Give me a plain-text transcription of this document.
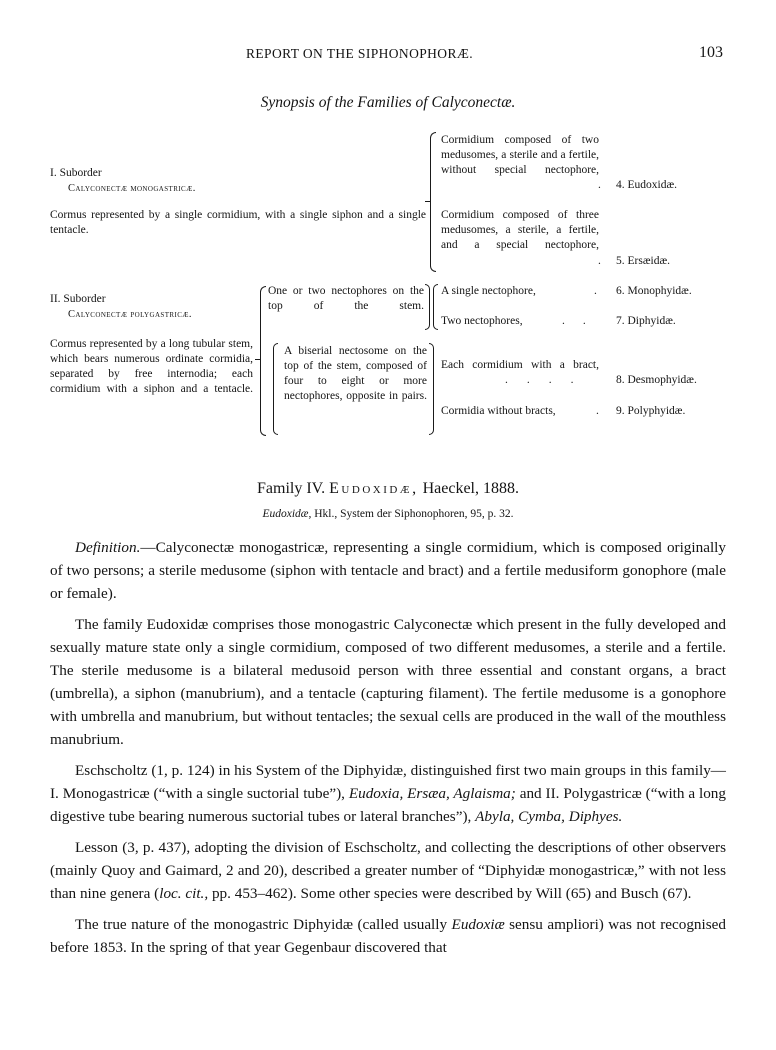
REPORT ON THE SIPHONOPHORÆ.	103
Synopsis of the Families of Calyconectæ.
I. Suborder
Calyconectæ monogastricæ.
Cormus represented by a single cormidium, with a single siphon and a single tentacle.
Cormidium composed of two medusomes, a sterile and a fertile, without special nectophore,
. 4. Eudoxidæ.
Cormidium composed of three medusomes, a sterile, a fertile, and a special nectophore,
. 5. Ersæidæ.
II. Suborder
Calyconectæ polygastricæ.
Cormus represented by a long tubular stem, which bears numerous ordinate cormidia, separated by free internodia; each cormidium with a siphon and a tentacle.
One or two nectophores on the top of the stem.
A single nectophore,	. 6. Monophyidæ.
Two nectophores,	.. 7. Diphyidæ.
A biserial nectosome on the top of the stem, composed of four to eight or more nectophores, opposite in pairs.
Each cormidium with a bract,
.... 8. Desmophyidæ.
Cormidia without bracts,	. 9. Polyphyidæ.
Family IV. Eudoxidæ, Haeckel, 1888.
Eudoxidæ, Hkl., System der Siphonophoren, 95, p. 32.

Definition.—Calyconectæ monogastricæ, representing a single cormidium, which is composed originally of two persons; a sterile medusome (siphon with tentacle and bract) and a fertile medusiform gonophore (male or female).

The family Eudoxidæ comprises those monogastric Calyconectæ which present in the fully developed and sexually mature state only a single cormidium, composed of two different medusomes, a sterile and a fertile. The sterile medusome is a bilateral medusoid person with three essential and constant organs, a bract (umbrella), a siphon (manubrium), and a tentacle (capturing filament). The fertile medusome is a gonophore with umbrella and manubrium, but without tentacles; the sexual cells are produced in the wall of the mouthless manubrium.

Eschscholtz (1, p. 124) in his System of the Diphyidæ, distinguished first two main groups in this family—I. Monogastricæ (“with a single suctorial tube”), Eudoxia, Ersæa, Aglaisma; and II. Polygastricæ (“with a long digestive tube bearing numerous suctorial tubes or lateral branches”), Abyla, Cymba, Diphyes.

Lesson (3, p. 437), adopting the division of Eschscholtz, and collecting the descriptions of other observers (mainly Quoy and Gaimard, 2 and 20), described a greater number of “Diphyidæ monogastricæ,” with not less than nine genera (loc. cit., pp. 453–462). Some other species were described by Will (65) and Busch (67).

The true nature of the monogastric Diphyidæ (called usually Eudoxiæ sensu ampliori) was not recognised before 1853. In the spring of that year Gegenbaur discovered that
